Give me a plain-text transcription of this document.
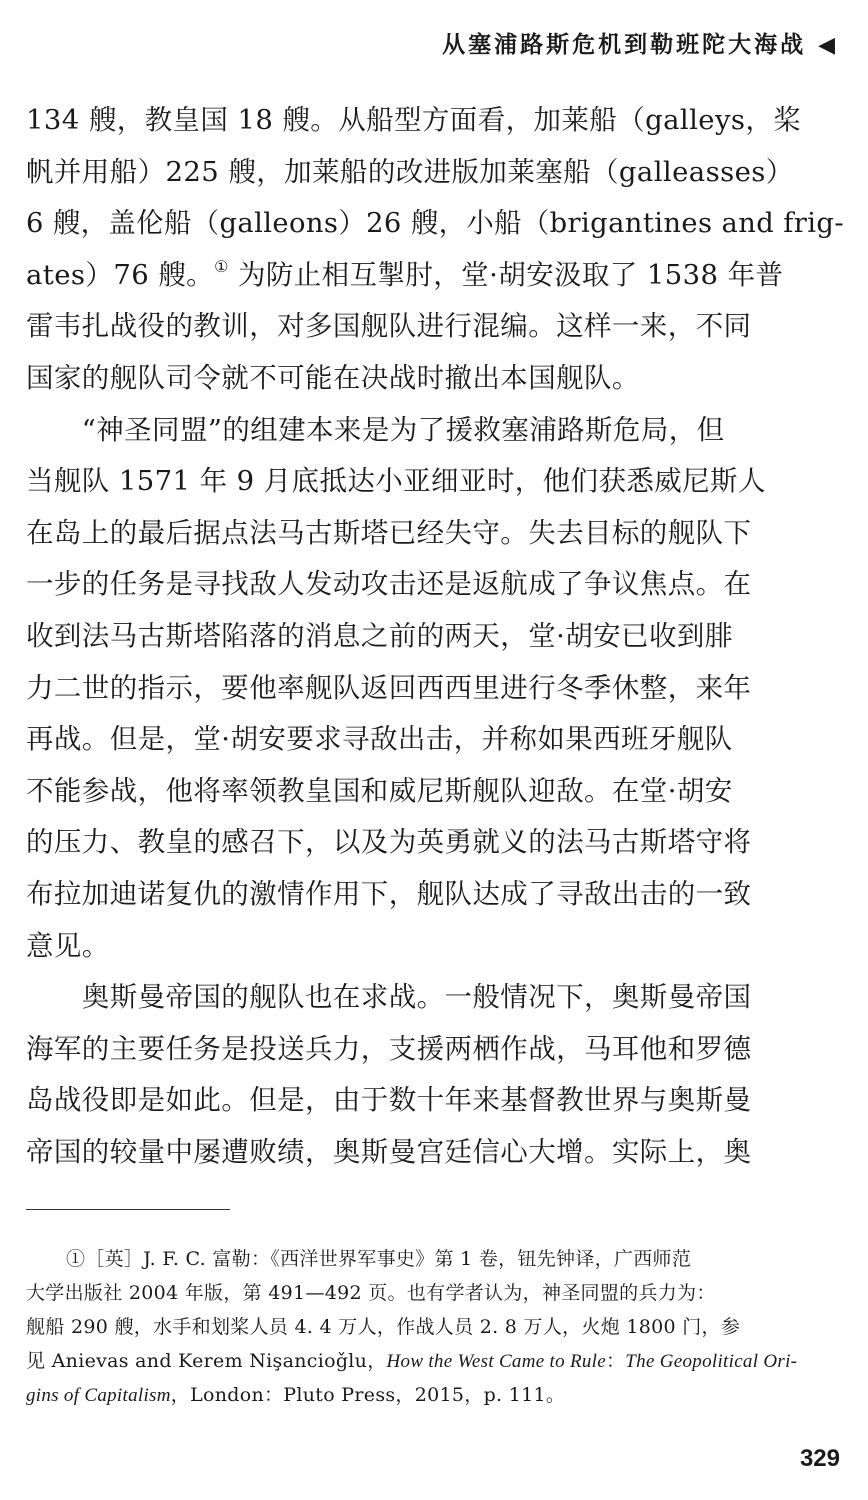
从塞浦路斯危机到勒班陀大海战 ◀
134 艘，教皇国 18 艘。从船型方面看，加莱船（galleys，桨
帆并用船）225 艘，加莱船的改进版加莱塞船（galleasses）
6 艘，盖伦船（galleons）26 艘，小船（brigantines and frig-
ates）76 艘。① 为防止相互掣肘，堂·胡安汲取了 1538 年普
雷韦扎战役的教训，对多国舰队进行混编。这样一来，不同
国家的舰队司令就不可能在决战时撤出本国舰队。
　　“神圣同盟”的组建本来是为了援救塞浦路斯危局，但
当舰队 1571 年 9 月底抵达小亚细亚时，他们获悉威尼斯人
在岛上的最后据点法马古斯塔已经失守。失去目标的舰队下
一步的任务是寻找敌人发动攻击还是返航成了争议焦点。在
收到法马古斯塔陷落的消息之前的两天，堂·胡安已收到腓
力二世的指示，要他率舰队返回西西里进行冬季休整，来年
再战。但是，堂·胡安要求寻敌出击，并称如果西班牙舰队
不能参战，他将率领教皇国和威尼斯舰队迎敌。在堂·胡安
的压力、教皇的感召下，以及为英勇就义的法马古斯塔守将
布拉加迪诺复仇的激情作用下，舰队达成了寻敌出击的一致
意见。
　　奥斯曼帝国的舰队也在求战。一般情况下，奥斯曼帝国
海军的主要任务是投送兵力，支援两栖作战，马耳他和罗德
岛战役即是如此。但是，由于数十年来基督教世界与奥斯曼
帝国的较量中屡遭败绩，奥斯曼宫廷信心大增。实际上，奥
①［英］J. F. C. 富勒：《西洋世界军事史》第 1 卷，钮先钟译，广西师范
大学出版社 2004 年版，第 491—492 页。也有学者认为，神圣同盟的兵力为：
舰船 290 艘，水手和划桨人员 4. 4 万人，作战人员 2. 8 万人，火炮 1800 门，参
见 Anievas and Kerem Nişancioǧlu，How the West Came to Rule：The Geopolitical Ori-
gins of Capitalism，London：Pluto Press，2015，p. 111。
329
